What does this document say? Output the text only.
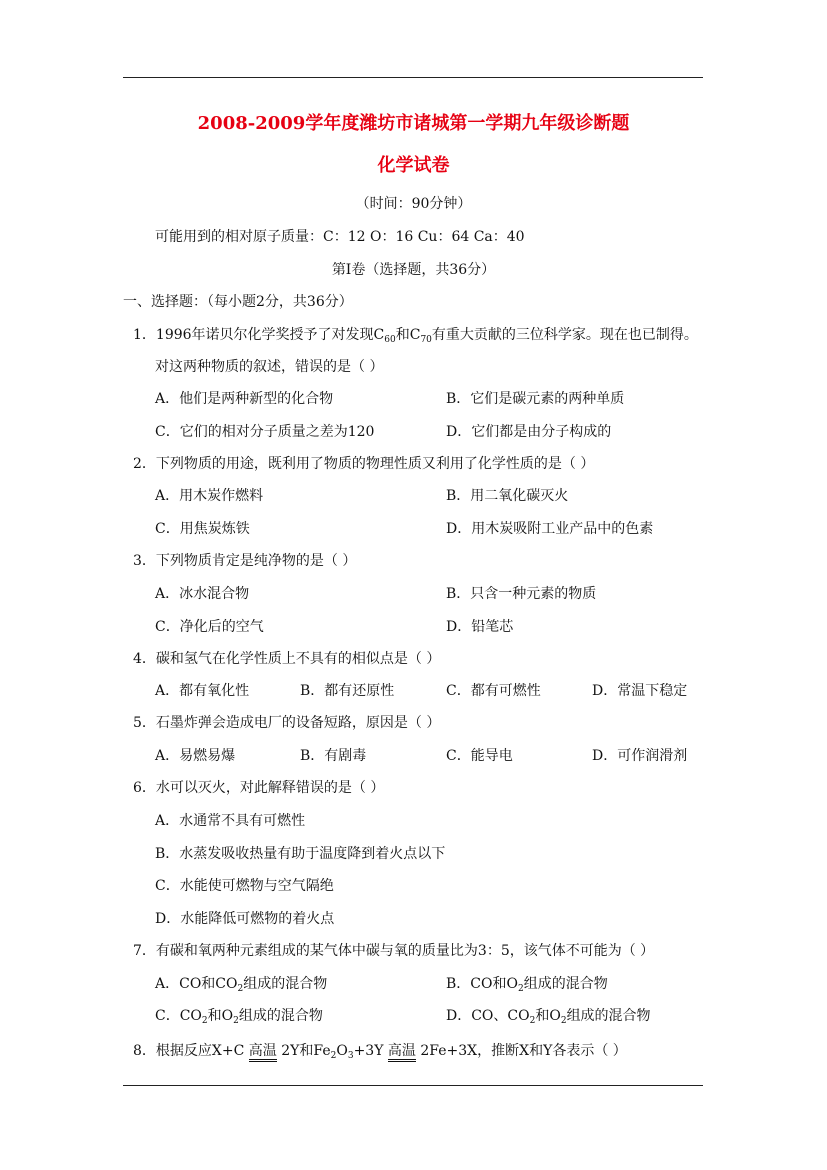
2008-2009学年度潍坊市诸城第一学期九年级诊断题
化学试卷
（时间：90分钟）
可能用到的相对原子质量：C：12 O：16 Cu：64 Ca：40
第Ⅰ卷（选择题，共36分）
一、选择题：（每小题2分，共36分）
1．1996年诺贝尔化学奖授予了对发现$C_{60}$和$C_{70}$有重大贡献的三位科学家。现在也已制得。
对这两种物质的叙述，错误的是（ ）
A．他们是两种新型的化合物	B．它们是碳元素的两种单质
C．它们的相对分子质量之差为120	D．它们都是由分子构成的
2．下列物质的用途，既利用了物质的物理性质又利用了化学性质的是（ ）
A．用木炭作燃料	B．用二氧化碳灭火
C．用焦炭炼铁	D．用木炭吸附工业产品中的色素
3．下列物质肯定是纯净物的是（ ）
A．冰水混合物	B．只含一种元素的物质
C．净化后的空气	D．铅笔芯
4．碳和氢气在化学性质上不具有的相似点是（ ）
A．都有氧化性	B．都有还原性	C．都有可燃性	D．常温下稳定
5．石墨炸弹会造成电厂的设备短路，原因是（ ）
A．易燃易爆	B．有剧毒	C．能导电	D．可作润滑剂
6．水可以灭火，对此解释错误的是（ ）
A．水通常不具有可燃性
B．水蒸发吸收热量有助于温度降到着火点以下
C．水能使可燃物与空气隔绝
D．水能降低可燃物的着火点
7．有碳和氧两种元素组成的某气体中碳与氧的质量比为3：5，该气体不可能为（ ）
A．CO和$CO_2$组成的混合物	B．CO和$O_2$组成的混合物
C．$CO_2$和$O_2$组成的混合物	D．CO、$CO_2$和$O_2$组成的混合物
8．根据反应X+C 高温 2Y和$Fe_2O_3+3Y$ 高温 2Fe+3X，推断X和Y各表示（ ）
